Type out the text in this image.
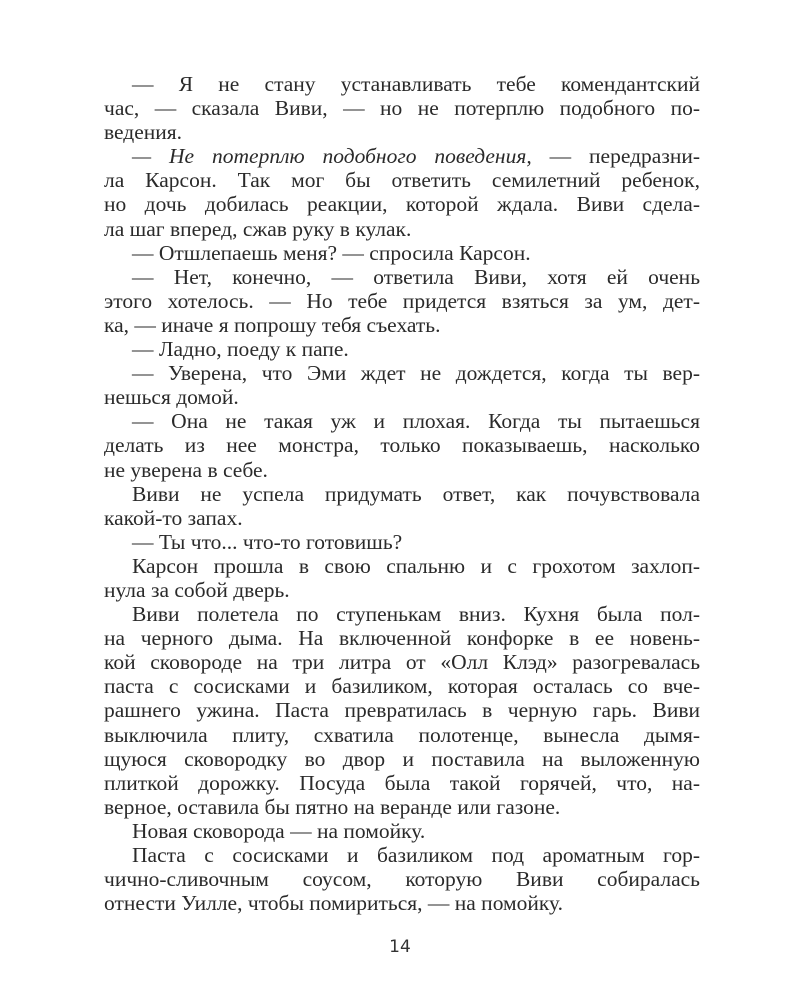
— Я не стану устанавливать тебе комендантский
час, — сказала Виви, — но не потерплю подобного по-
ведения.
— Не потерплю подобного поведения, — передразни-
ла Карсон. Так мог бы ответить семилетний ребенок,
но дочь добилась реакции, которой ждала. Виви сдела-
ла шаг вперед, сжав руку в кулак.
— Отшлепаешь меня? — спросила Карсон.
— Нет, конечно, — ответила Виви, хотя ей очень
этого хотелось. — Но тебе придется взяться за ум, дет-
ка, — иначе я попрошу тебя съехать.
— Ладно, поеду к папе.
— Уверена, что Эми ждет не дождется, когда ты вер-
нешься домой.
— Она не такая уж и плохая. Когда ты пытаешься
делать из нее монстра, только показываешь, насколько
не уверена в себе.
Виви не успела придумать ответ, как почувствовала
какой-то запах.
— Ты что... что-то готовишь?
Карсон прошла в свою спальню и с грохотом захлоп-
нула за собой дверь.
Виви полетела по ступенькам вниз. Кухня была пол-
на черного дыма. На включенной конфорке в ее новень-
кой сковороде на три литра от «Олл Клэд» разогревалась
паста с сосисками и базиликом, которая осталась со вче-
рашнего ужина. Паста превратилась в черную гарь. Виви
выключила плиту, схватила полотенце, вынесла дымя-
щуюся сковородку во двор и поставила на выложенную
плиткой дорожку. Посуда была такой горячей, что, на-
верное, оставила бы пятно на веранде или газоне.
Новая сковорода — на помойку.
Паста с сосисками и базиликом под ароматным гор-
чично-сливочным соусом, которую Виви собиралась
отнести Уилле, чтобы помириться, — на помойку.
14
